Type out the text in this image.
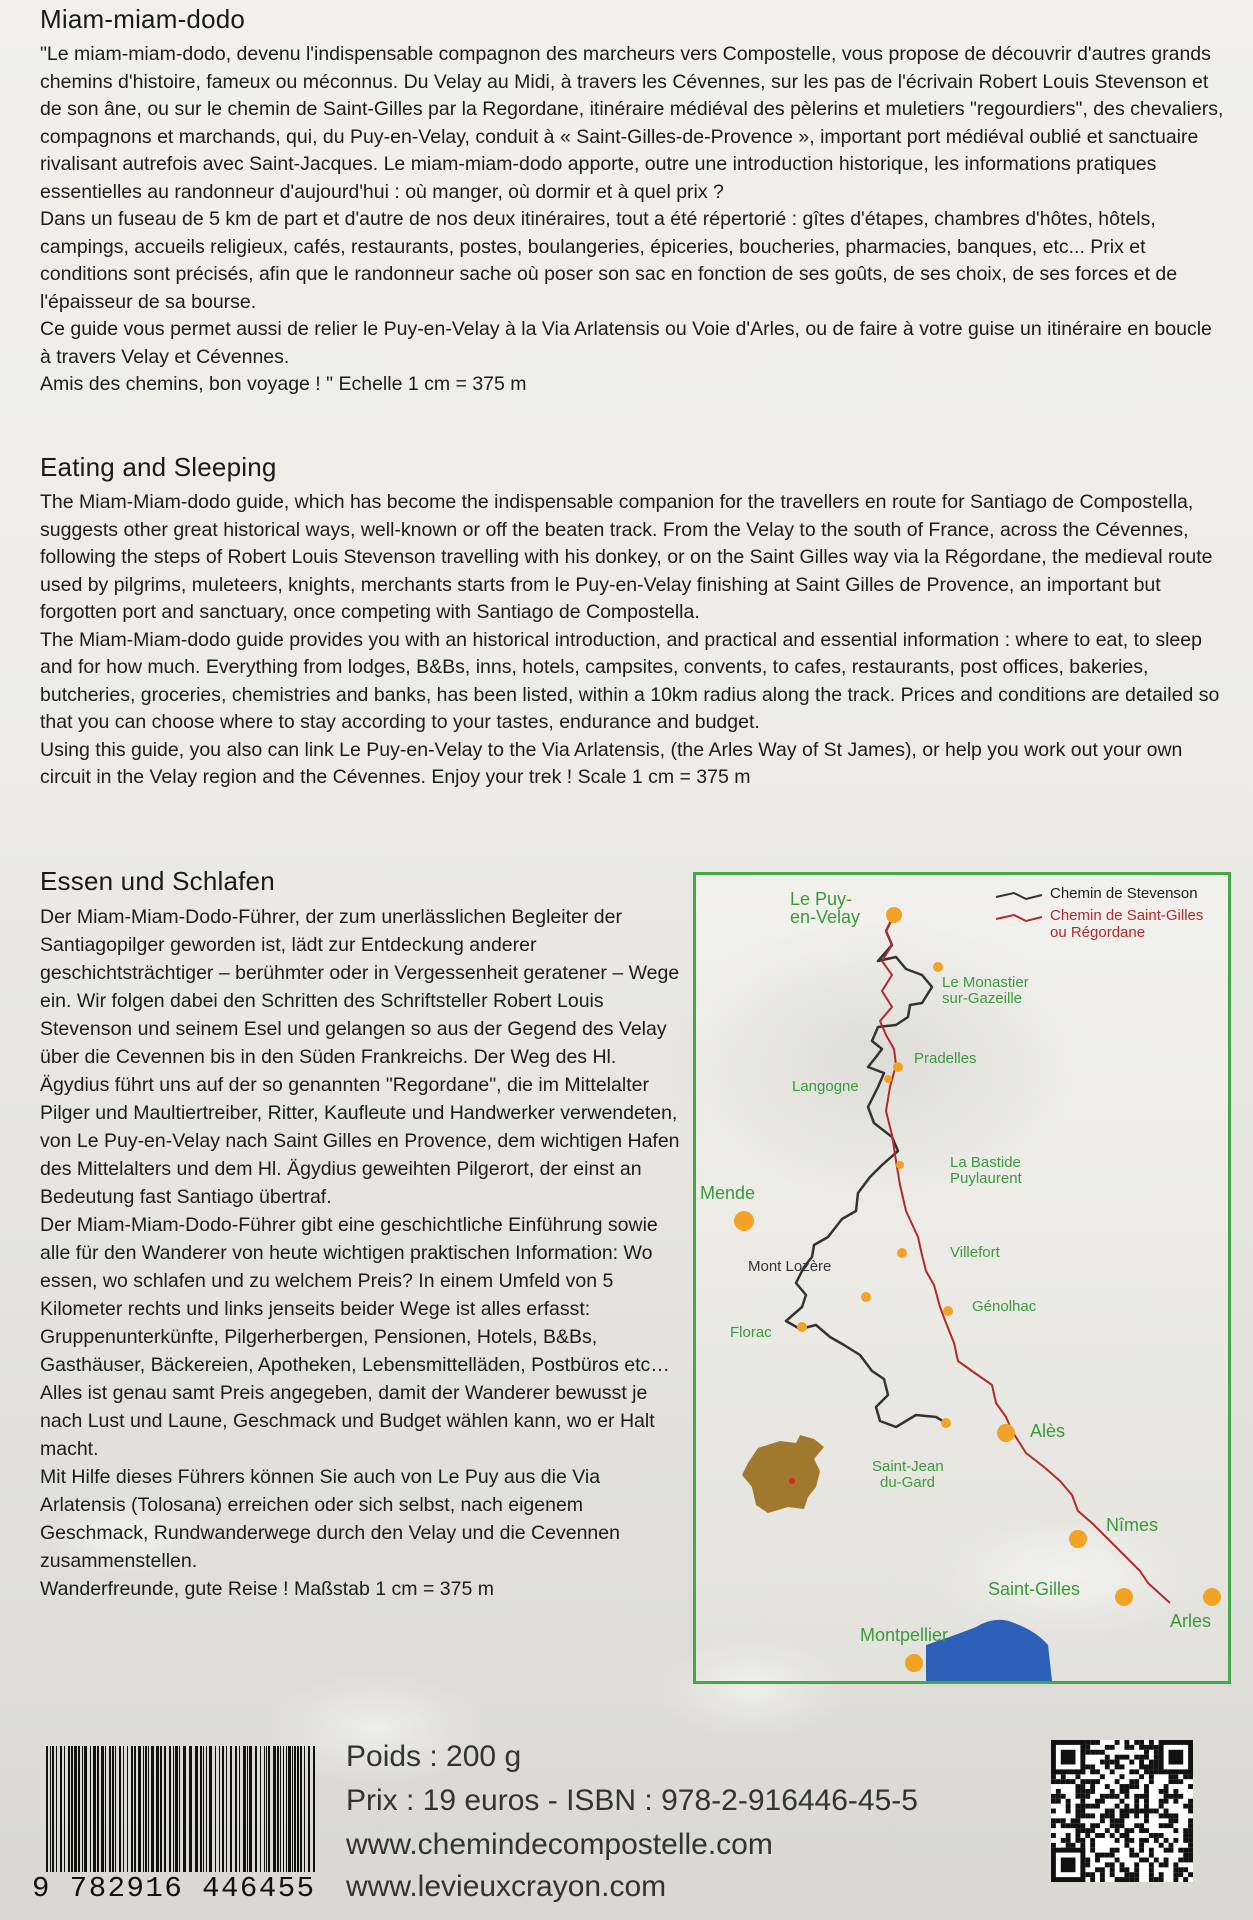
Miam-miam-dodo

"Le miam-miam-dodo, devenu l'indispensable compagnon des marcheurs vers Compostelle, vous propose de découvrir d'autres grands chemins d'histoire, fameux ou méconnus. Du Velay au Midi, à travers les Cévennes, sur les pas de l'écrivain Robert Louis Stevenson et de son âne, ou sur le chemin de Saint-Gilles par la Regordane, itinéraire médiéval des pèlerins et muletiers "regourdiers", des chevaliers, compagnons et marchands, qui, du Puy-en-Velay, conduit à « Saint-Gilles-de-Provence », important port médiéval oublié et sanctuaire rivalisant autrefois avec Saint-Jacques. Le miam-miam-dodo apporte, outre une introduction historique, les informations pratiques essentielles au randonneur d'aujourd'hui : où manger, où dormir et à quel prix ?

Dans un fuseau de 5 km de part et d'autre de nos deux itinéraires, tout a été répertorié : gîtes d'étapes, chambres d'hôtes, hôtels, campings, accueils religieux, cafés, restaurants, postes, boulangeries, épiceries, boucheries, pharmacies, banques, etc... Prix et conditions sont précisés, afin que le randonneur sache où poser son sac en fonction de ses goûts, de ses choix, de ses forces et de l'épaisseur de sa bourse.

Ce guide vous permet aussi de relier le Puy-en-Velay à la Via Arlatensis ou Voie d'Arles, ou de faire à votre guise un itinéraire en boucle à travers Velay et Cévennes.

Amis des chemins, bon voyage ! " Echelle 1 cm = 375 m

Eating and Sleeping

The Miam-Miam-dodo guide, which has become the indispensable companion for the travellers en route for Santiago de Compostella, suggests other great historical ways, well-known or off the beaten track. From the Velay to the south of France, across the Cévennes, following the steps of Robert Louis Stevenson travelling with his donkey, or on the Saint Gilles way via la Régordane, the medieval route used by pilgrims, muleteers, knights, merchants starts from le Puy-en-Velay finishing at Saint Gilles de Provence, an important but forgotten port and sanctuary, once competing with Santiago de Compostella.

The Miam-Miam-dodo guide provides you with an historical introduction, and practical and essential information : where to eat, to sleep and for how much. Everything from lodges, B&Bs, inns, hotels, campsites, convents, to cafes, restaurants, post offices, bakeries, butcheries, groceries, chemistries and banks, has been listed, within a 10km radius along the track. Prices and conditions are detailed so that you can choose where to stay according to your tastes, endurance and budget.

Using this guide, you also can link Le Puy-en-Velay to the Via Arlatensis, (the Arles Way of St James), or help you work out your own circuit in the Velay region and the Cévennes. Enjoy your trek ! Scale 1 cm = 375 m

Essen und Schlafen

Der Miam-Miam-Dodo-Führer, der zum unerlässlichen Begleiter der Santiagopilger geworden ist, lädt zur Entdeckung anderer geschichtsträchtiger – berühmter oder in Vergessenheit geratener – Wege ein. Wir folgen dabei den Schritten des Schriftsteller Robert Louis Stevenson und seinem Esel und gelangen so aus der Gegend des Velay über die Cevennen bis in den Süden Frankreichs. Der Weg des Hl. Ägydius führt uns auf der so genannten "Regordane", die im Mittelalter Pilger und Maultiertreiber, Ritter, Kaufleute und Handwerker verwendeten, von Le Puy-en-Velay nach Saint Gilles en Provence, dem wichtigen Hafen des Mittelalters und dem Hl. Ägydius geweihten Pilgerort, der einst an Bedeutung fast Santiago übertraf.

Der Miam-Miam-Dodo-Führer gibt eine geschichtliche Einführung sowie alle für den Wanderer von heute wichtigen praktischen Information: Wo essen, wo schlafen und zu welchem Preis? In einem Umfeld von 5 Kilometer rechts und links jenseits beider Wege ist alles erfasst: Gruppenunterkünfte, Pilgerherbergen, Pensionen, Hotels, B&Bs, Gasthäuser, Bäckereien, Apotheken, Lebensmittelläden, Postbüros etc… Alles ist genau samt Preis angegeben, damit der Wanderer bewusst je nach Lust und Laune, Geschmack und Budget wählen kann, wo er Halt macht.

Mit Hilfe dieses Führers können Sie auch von Le Puy aus die Via Arlatensis (Tolosana) erreichen oder sich selbst, nach eigenem Geschmack, Rundwanderwege durch den Velay und die Cevennen zusammenstellen.

Wanderfreunde, gute Reise ! Maßstab 1 cm = 375 m

Chemin de Stevenson
Chemin de Saint-Gilles
ou Régordane
Le Puy-
en-Velay
Le Monastier
sur-Gazeille
Pradelles
Langogne
La Bastide
Puylaurent
Mende
Villefort
Mont Lozère
Génolhac
Florac
Alès
Saint-Jean
du-Gard
Nîmes
Saint-Gilles
Arles
Montpellier
9 782916 446455
Poids : 200 g
Prix : 19 euros - ISBN : 978-2-916446-45-5
www.chemindecompostelle.com
www.levieuxcrayon.com
